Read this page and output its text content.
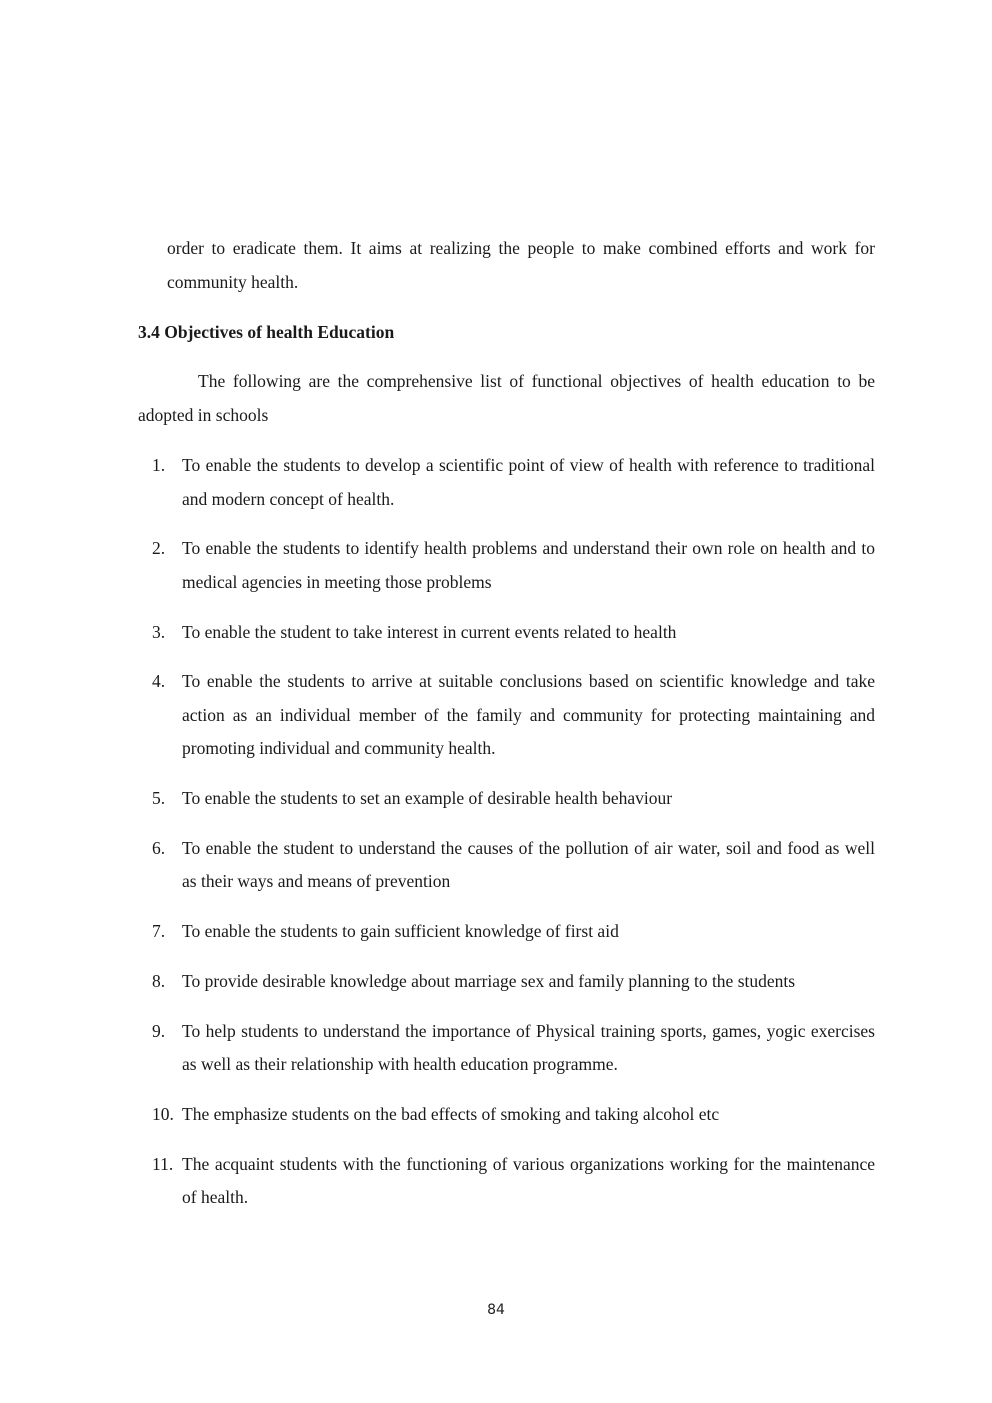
order to eradicate them. It aims at realizing the people to make combined efforts and work for community health.

3.4 Objectives of health Education

The following are the comprehensive list of functional objectives of health education to be adopted in schools

1. To enable the students to develop a scientific point of view of health with reference to traditional and modern concept of health.
2. To enable the students to identify health problems and understand their own role on health and to medical agencies in meeting those problems
3. To enable the student to take interest in current events related to health
4. To enable the students to arrive at suitable conclusions based on scientific knowledge and take action as an individual member of the family and community for protecting maintaining and promoting individual and community health.
5. To enable the students to set an example of desirable health behaviour
6. To enable the student to understand the causes of the pollution of air water, soil and food as well as their ways and means of prevention
7. To enable the students to gain sufficient knowledge of first aid
8. To provide desirable knowledge about marriage sex and family planning to the students
9. To help students to understand the importance of Physical training sports, games, yogic exercises as well as their relationship with health education programme.
10. The emphasize students on the bad effects of smoking and taking alcohol etc
11. The acquaint students with the functioning of various organizations working for the maintenance of health.
84
